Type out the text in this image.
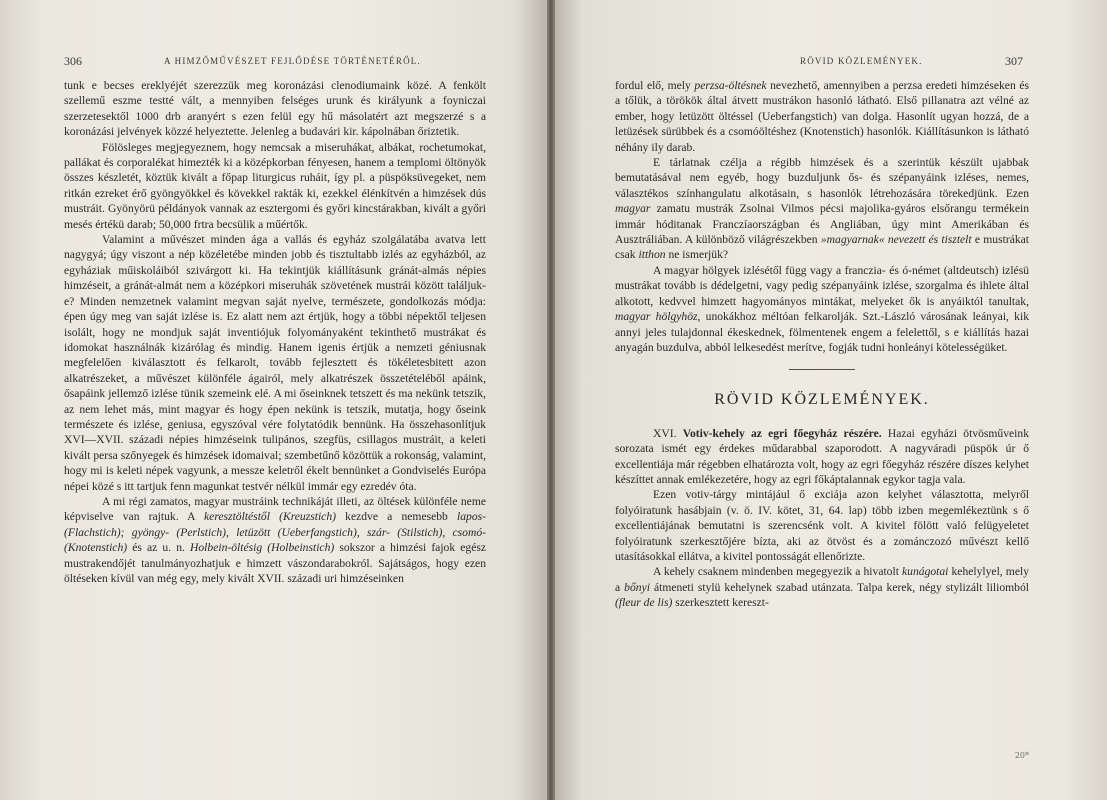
306	A HIMZŐMŰVÉSZET FEJLŐDÉSE TÖRTÉNETÉRŐL.

tunk e becses ereklyéjét szerezzük meg koronázási clenodiumaink közé. A fenkölt szellemű eszme testté vált, a mennyiben felséges urunk és királyunk a foyniczai szerzetesektől 1000 drb aranyért s ezen felül egy hű másolatért azt megszerzé s a koronázási jelvények közzé helyeztette. Jelenleg a budavári kir. kápolnában őriztetik.

Fölösleges megjegyeznem, hogy nemcsak a miseruhákat, albákat, rochetumokat, pallákat és corporalékat himezték ki a középkorban fényesen, hanem a templomi öltönyök összes készletét, köztük kivált a főpap liturgicus ruháit, így pl. a püspöksüvegeket, nem ritkán ezreket érő gyöngyökkel és kövekkel rakták ki, ezekkel élénkítvén a himzések dús mustráit. Gyönyörü példányok vannak az esztergomi és győri kincstárakban, kivált a győri mesés értékü darab; 50,000 frtra becsülik a műértők.

Valamint a művészet minden ága a vallás és egyház szolgálatába avatva lett nagygyá; úgy viszont a nép közéletébe minden jobb és tisztultabb izlés az egyházból, az egyháziak műiskoláiból szivárgott ki. Ha tekintjük kiállításunk gránát-almás népies himzéseit, a gránát-almát nem a középkori miseruhák szövetének mustrái között találjuk-e? Minden nemzetnek valamint megvan saját nyelve, természete, gondolkozás módja: épen úgy meg van saját izlése is. Ez alatt nem azt értjük, hogy a többi népektől teljesen isolált, hogy ne mondjuk saját inventiójuk folyományaként tekinthető mustrákat és idomokat használnák kizárólag és mindig. Hanem igenis értjük a nemzeti géniusnak megfelelően kiválasztott és felkarolt, tovább fejlesztett és tökéletesbitett azon alkatrészeket, a művészet különféle ágairól, mely alkatrészek összetételéből apáink, ősapáink jellemző izlése tünik szemeink elé. A mi őseinknek tetszett és ma nekünk tetszik, az nem lehet más, mint magyar és hogy épen nekünk is tetszik, mutatja, hogy őseink természete és izlése, geniusa, egyszóval vére folytatódik bennünk. Ha összehasonlítjuk XVI—XVII. századi népies himzéseink tulipános, szegfüs, csillagos mustráit, a keleti kivált persa szőnyegek és himzések idomaival; szembetűnő közöttük a rokonság, valamint, hogy mi is keleti népek vagyunk, a messze keletről ékelt bennünket a Gondviselés Európa népei közé s itt tartjuk fenn magunkat testvér nélkül immár egy ezredév óta.

A mi régi zamatos, magyar mustráink technikáját illeti, az öltések különféle neme képviselve van rajtuk. A keresztöltéstől (Kreuzstich) kezdve a nemesebb lapos- (Flachstich); gyöngy- (Perlstich), letüzött (Ueberfangstich), szár- (Stilstich), csomó- (Knotenstich) és az u. n. Holbein-öltésig (Holbeinstich) sokszor a himzési fajok egész mustrakendőjét tanulmányozhatjuk e himzett vászondarabokról. Sajátságos, hogy ezen öltéseken kívül van még egy, mely kivált XVII. századi uri himzéseinken

RÖVID KÖZLEMÉNYEK.	307

fordul elő, mely perzsa-öltésnek nevezhető, amennyiben a perzsa eredeti himzéseken és a tőlük, a törökök által átvett mustrákon hasonló látható. Első pillanatra azt vélné az ember, hogy letüzött öltéssel (Ueberfangstich) van dolga. Hasonlít ugyan hozzá, de a letüzések sürübbek és a csomóöltéshez (Knotenstich) hasonlók. Kiállításunkon is látható néhány ily darab.

E tárlatnak czélja a régibb himzések és a szerintük készült ujabbak bemutatásával nem egyéb, hogy buzduljunk ős- és szépanyáink izléses, nemes, választékos színhangulatu alkotásain, s hasonlók létrehozására törekedjünk. Ezen magyar zamatu mustrák Zsolnai Vilmos pécsi majolika-gyáros elsőrangu termékein immár hóditanak Franczíaországban és Angliában, úgy mint Amerikában és Ausztráliában. A különböző világrészekben »magyarnak« nevezett és tisztelt e mustrákat csak itthon ne ismerjük?

A magyar hölgyek izlésétől függ vagy a franczia- és ó-német (altdeutsch) izlésü mustrákat tovább is dédelgetni, vagy pedig szépanyáink izlése, szorgalma és ihlete által alkotott, kedvvel himzett hagyományos mintákat, melyeket ők is anyáiktól tanultak, magyar hölgyhöz, unokákhoz méltóan felkarolják. Szt.-László városának leányai, kik annyi jeles tulajdonnal ékeskednek, fölmentenek engem a felelettől, s e kiállítás hazai anyagán buzdulva, abból lelkesedést merítve, fogják tudni honleányi kötelességüket.

RÖVID KÖZLEMÉNYEK.

XVI. Votiv-kehely az egri főegyház részére. Hazai egyházi ötvösműveink sorozata ismét egy érdekes műdarabbal szaporodott. A nagyváradi püspök úr ő excellentiája már régebben elhatározta volt, hogy az egri főegyház részére díszes kelyhet készíttet annak emlékezetére, hogy az egri főkáptalannak egykor tagja vala.

Ezen votiv-tárgy mintájául ő exciája azon kelyhet választotta, melyről folyóiratunk hasábjain (v. ö. IV. kötet, 31, 64. lap) több izben megemlékeztünk s ő excellentiájának bemutatni is szerencsénk volt. A kivitel fölött való felügyeletet folyóiratunk szerkesztőjére bízta, aki az ötvöst és a zománczozó művészt kellő utasításokkal ellátva, a kivitel pontosságát ellenőrizte.

A kehely csaknem mindenben megegyezik a hivatolt kunágotai kehelylyel, mely a bőnyi átmeneti stylü kehelynek szabad utánzata. Talpa kerek, négy stylizált liliomból (fleur de lis) szerkesztett kereszt-

20*
